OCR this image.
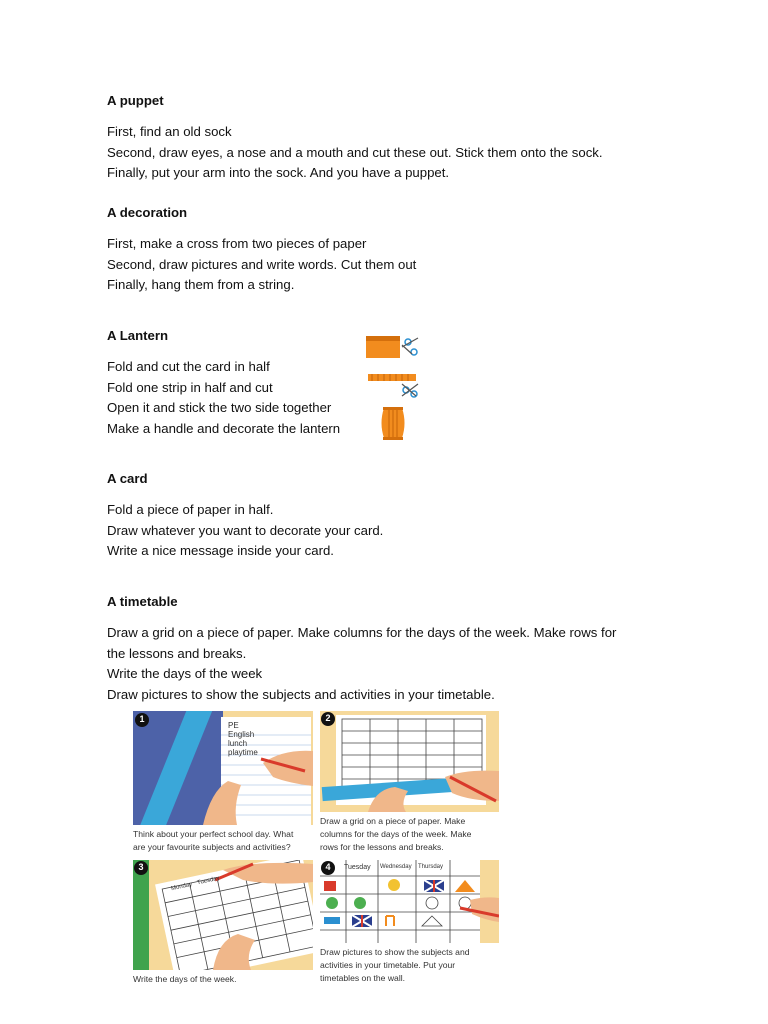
A puppet
First, find an old sock
Second, draw eyes, a nose and a mouth and cut these out. Stick them onto the sock.
Finally, put your arm into the sock. And you have a puppet.
A decoration
First, make a cross from two pieces of paper
Second, draw pictures and write words. Cut them out
Finally, hang them from a string.
A Lantern
Fold and cut the card in half
Fold one strip in half and cut
Open it and stick the two side together
Make a handle and decorate the lantern
A card
Fold a piece of paper in half.
Draw whatever you want to decorate your card.
Write a nice message inside your card.
A timetable
Draw a grid on a piece of paper. Make columns for the days of the week. Make rows for
the lessons and breaks.
Write the days of the week
Draw pictures to show the subjects and activities in your timetable.
1
PE
English
lunch
playtime
Think about your perfect school day. What
are your favourite subjects and activities?
2
Draw a grid on a piece of paper. Make
columns for the days of the week. Make
rows for the lessons and breaks.
3
Monday
Tuesday
Write the days of the week.
4 Tuesday Wednesday Thursday
Draw pictures to show the subjects and
activities in your timetable. Put your
timetables on the wall.
